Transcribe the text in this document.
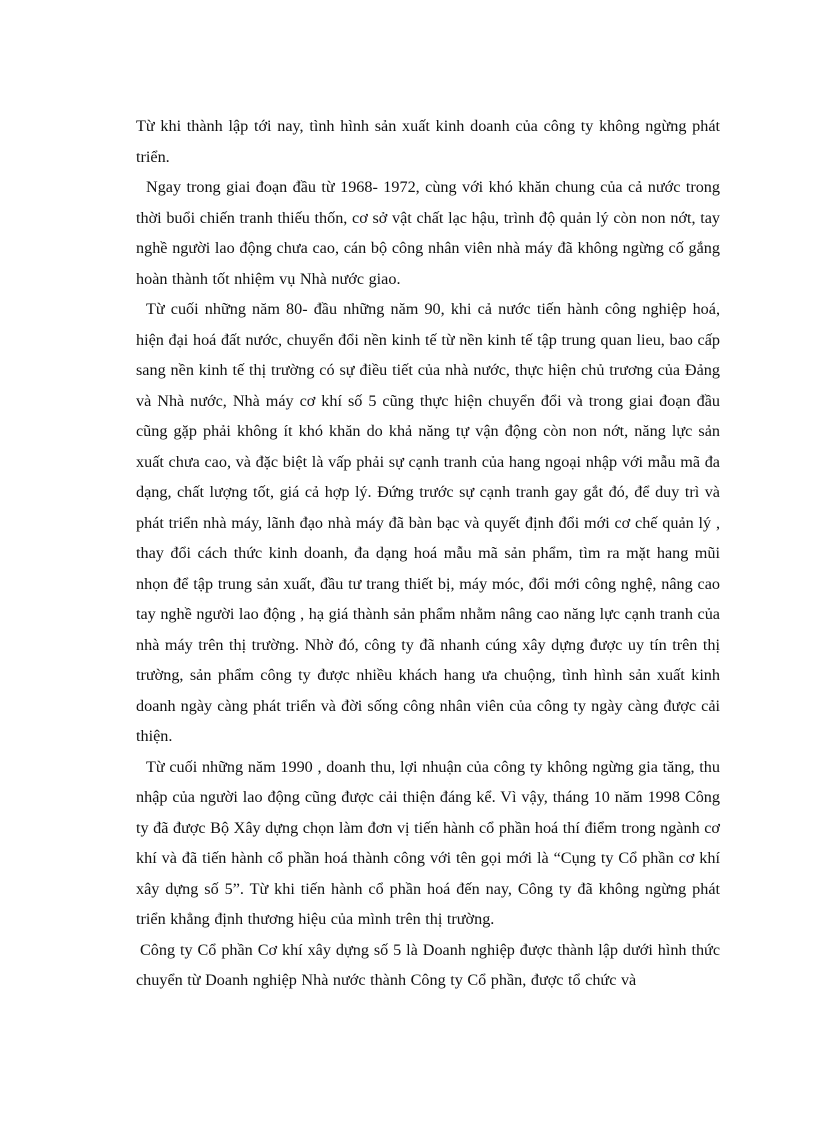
Từ khi thành lập tới nay, tình hình sản xuất kinh doanh của công ty không ngừng phát triển.

Ngay trong giai đoạn đầu từ 1968- 1972, cùng với khó khăn chung của cả nước trong thời buổi chiến tranh thiếu thốn, cơ sở vật chất lạc hậu, trình độ quản lý còn non nớt, tay nghề người lao động chưa cao, cán bộ công nhân viên nhà máy đã không ngừng cố gắng hoàn thành tốt nhiệm vụ Nhà nước giao.

Từ cuối những năm 80- đầu những năm 90, khi cả nước tiến hành công nghiệp hoá, hiện đại hoá đất nước, chuyển đổi nền kinh tế từ nền kinh tế tập trung quan lieu, bao cấp sang nền kinh tế thị trường có sự điều tiết của nhà nước, thực hiện chủ trương của Đảng và Nhà nước, Nhà máy cơ khí số 5 cũng thực hiện chuyển đổi và trong giai đoạn đầu cũng gặp phải không ít khó khăn do khả năng tự vận động còn non nớt, năng lực sản xuất chưa cao, và đặc biệt là vấp phải sự cạnh tranh của hang ngoại nhập với mẫu mã đa dạng, chất lượng tốt, giá cả hợp lý. Đứng trước sự cạnh tranh gay gắt đó, để duy trì và phát triển nhà máy, lãnh đạo nhà máy đã bàn bạc và quyết định đổi mới cơ chế quản lý , thay đổi cách thức kinh doanh, đa dạng hoá mẫu mã sản phẩm, tìm ra mặt hang mũi nhọn để tập trung sản xuất, đầu tư trang thiết bị, máy móc, đổi mới công nghệ, nâng cao tay nghề người lao động , hạ giá thành sản phẩm nhằm nâng cao năng lực cạnh tranh của nhà máy trên thị trường. Nhờ đó, công ty đã nhanh cúng xây dựng được uy tín trên thị trường, sản phẩm công ty được nhiều khách hang ưa chuộng, tình hình sản xuất kinh doanh ngày càng phát triển và đời sống công nhân viên của công ty ngày càng được cải thiện.

Từ cuối những năm 1990 , doanh thu, lợi nhuận của công ty không ngừng gia tăng, thu nhập của người lao động cũng được cải thiện đáng kể. Vì vậy, tháng 10 năm 1998 Công ty đã được Bộ Xây dựng chọn làm đơn vị tiến hành cổ phần hoá thí điểm trong ngành cơ khí và đã tiến hành cổ phần hoá thành công với tên gọi mới là “Cụng ty Cổ phần cơ khí xây dựng số 5”. Từ khi tiến hành cổ phần hoá đến nay, Công ty đã không ngừng phát triển khẳng định thương hiệu của mình trên thị trường.

Công ty Cổ phần Cơ khí xây dựng số 5 là Doanh nghiệp được thành lập dưới hình thức chuyển từ Doanh nghiệp Nhà nước thành Công ty Cổ phần, được tổ chức và
